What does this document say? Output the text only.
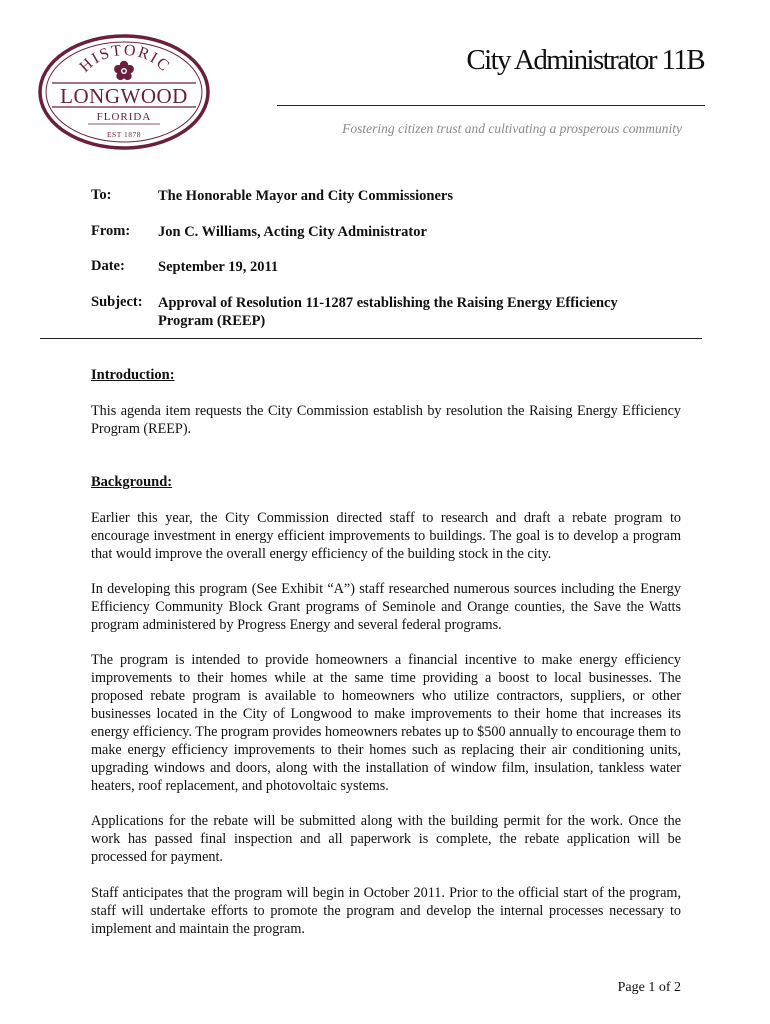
HISTORIC
LONGWOOD
FLORIDA
EST 1878
City Administrator 11B
Fostering citizen trust and cultivating a prosperous community
To:	The Honorable Mayor and City Commissioners
From: Jon C. Williams, Acting City Administrator
Date: September 19, 2011
Subject: Approval of Resolution 11-1287 establishing the Raising Energy Efficiency Program (REEP)
Introduction:
This agenda item requests the City Commission establish by resolution the Raising Energy Efficiency Program (REEP).
Background:
Earlier this year, the City Commission directed staff to research and draft a rebate program to encourage investment in energy efficient improvements to buildings. The goal is to develop a program that would improve the overall energy efficiency of the building stock in the city.
In developing this program (See Exhibit “A”) staff researched numerous sources including the Energy Efficiency Community Block Grant programs of Seminole and Orange counties, the Save the Watts program administered by Progress Energy and several federal programs.
The program is intended to provide homeowners a financial incentive to make energy efficiency improvements to their homes while at the same time providing a boost to local businesses. The proposed rebate program is available to homeowners who utilize contractors, suppliers, or other businesses located in the City of Longwood to make improvements to their home that increases its energy efficiency. The program provides homeowners rebates up to $500 annually to encourage them to make energy efficiency improvements to their homes such as replacing their air conditioning units, upgrading windows and doors, along with the installation of window film, insulation, tankless water heaters, roof replacement, and photovoltaic systems.
Applications for the rebate will be submitted along with the building permit for the work. Once the work has passed final inspection and all paperwork is complete, the rebate application will be processed for payment.
Staff anticipates that the program will begin in October 2011. Prior to the official start of the program, staff will undertake efforts to promote the program and develop the internal processes necessary to implement and maintain the program.
Page 1 of 2
